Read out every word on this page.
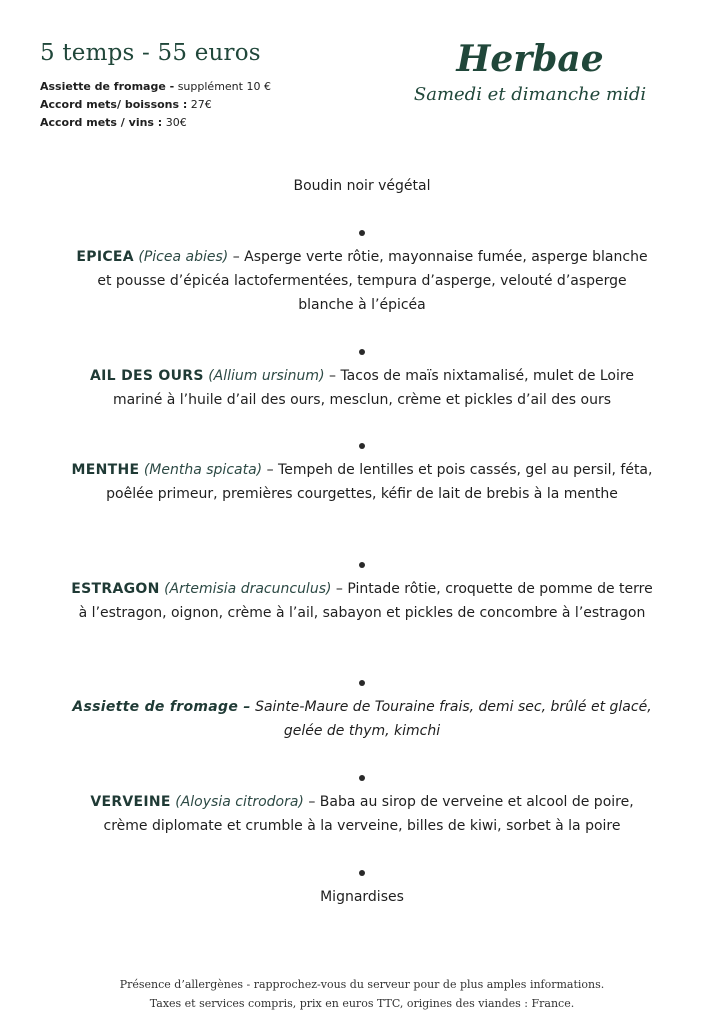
5 temps - 55 euros
Assiette de fromage - supplément 10 €
Accord mets/ boissons : 27€
Accord mets / vins : 30€
Herbae
Samedi et dimanche midi
Boudin noir végétal
EPICEA (Picea abies) – Asperge verte rôtie, mayonnaise fumée, asperge blanche et pousse d’épicéa lactofermentées, tempura d’asperge, velouté d’asperge blanche à l’épicéa
AIL DES OURS (Allium ursinum) – Tacos de maïs nixtamalisé, mulet de Loire mariné à l’huile d’ail des ours, mesclun, crème et pickles d’ail des ours
MENTHE (Mentha spicata) – Tempeh de lentilles et pois cassés, gel au persil, féta, poêlée primeur, premières courgettes, kéfir de lait de brebis à la menthe
ESTRAGON (Artemisia dracunculus) – Pintade rôtie, croquette de pomme de terre à l’estragon, oignon, crème à l’ail, sabayon et pickles de concombre à l’estragon
Assiette de fromage – Sainte-Maure de Touraine frais, demi sec, brûlé et glacé, gelée de thym, kimchi
VERVEINE (Aloysia citrodora) – Baba au sirop de verveine et alcool de poire, crème diplomate et crumble à la verveine, billes de kiwi, sorbet à la poire
Mignardises
Présence d’allergènes - rapprochez-vous du serveur pour de plus amples informations.
Taxes et services compris, prix en euros TTC, origines des viandes : France.
